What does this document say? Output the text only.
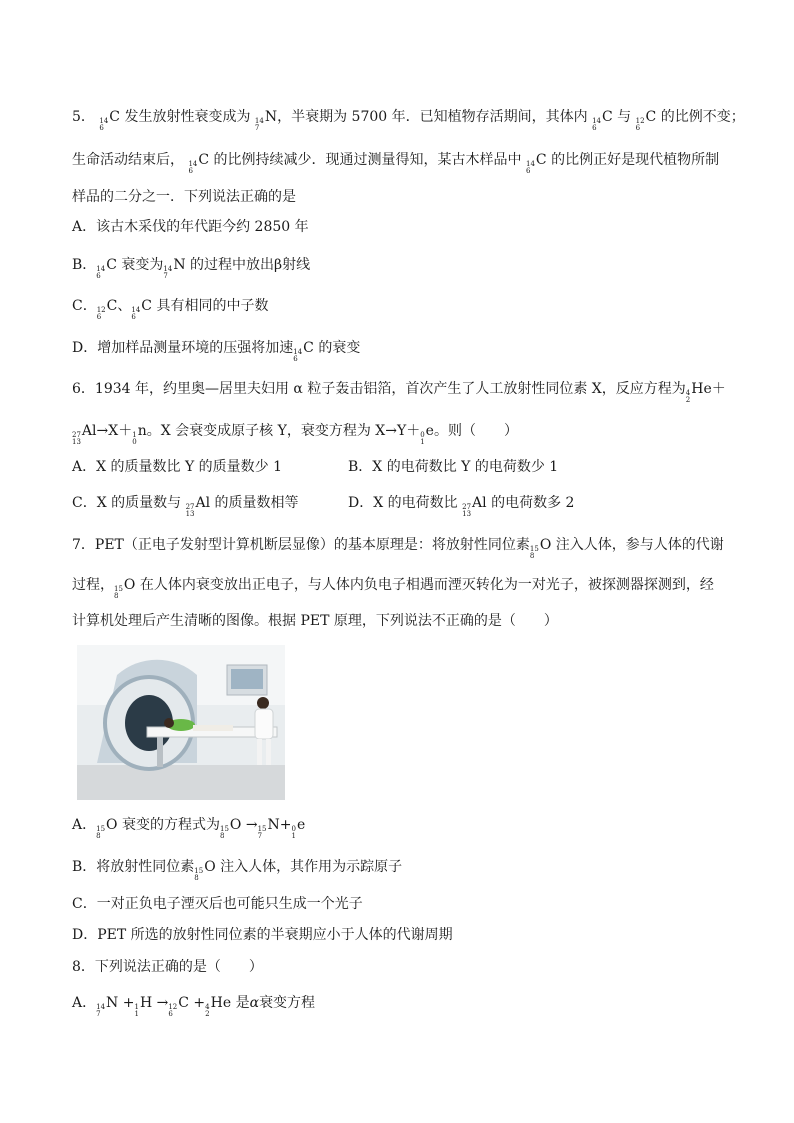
5． 14
6
C 发生放射性衰变成为 14
7
N，半衰期为 5700 年．已知植物存活期间，其体内 14
6
C 与 12
6
C 的比例不变；
生命活动结束后， 14
6
C 的比例持续减少．现通过测量得知，某古木样品中 14
6
C 的比例正好是现代植物所制
样品的二分之一．下列说法正确的是
A．该古木采伐的年代距今约 2850 年
B． 14
6
C 衰变为 14
7
N 的过程中放出β射线
C． 12
6
C、 14
6
C 具有相同的中子数
D．增加样品测量环境的压强将加速 14
6
C 的衰变
6．1934 年，约里奥—居里夫妇用 α 粒子轰击铝箔，首次产生了人工放射性同位素 X，反应方程为 4
2
He＋
27
13
Al→X＋ 1
0
n。X 会衰变成原子核 Y，衰变方程为 X→Y＋ 0
1
e。则（　　）
A．X 的质量数比 Y 的质量数少 1	B．X 的电荷数比 Y 的电荷数少 1
C．X 的质量数与 27
13
Al 的质量数相等	D．X 的电荷数比 27
13
Al 的电荷数多 2
7．PET（正电子发射型计算机断层显像）的基本原理是：将放射性同位素 15
8
O 注入人体，参与人体的代谢
过程， 15
8
O 在人体内衰变放出正电子，与人体内负电子相遇而湮灭转化为一对光子，被探测器探测到，经
计算机处理后产生清晰的图像。根据 PET 原理，下列说法不正确的是（　　）
A． 15
8
O 衰变的方程式为 15
8
O → 15
7
N+ 0
1
e
B．将放射性同位素 15
8
O 注入人体，其作用为示踪原子
C．一对正负电子湮灭后也可能只生成一个光子
D．PET 所选的放射性同位素的半衰期应小于人体的代谢周期
8．下列说法正确的是（　　）
A． 14
7
N + 1
1
H → 12
6
C + 4
2
He 是α衰变方程
